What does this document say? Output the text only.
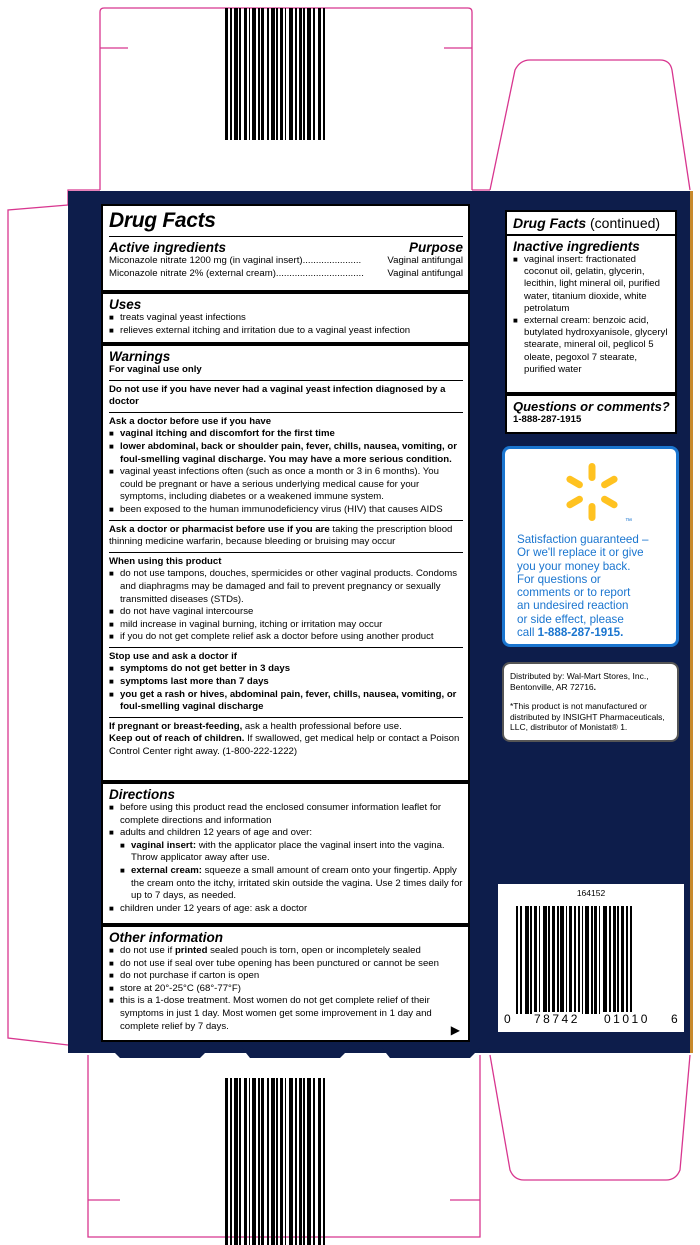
Drug Facts
Active ingredients	Purpose
Miconazole nitrate 1200 mg (in vaginal insert)......................	Vaginal antifungal
Miconazole nitrate 2% (external cream)................................. Vaginal antifungal
Uses
■ treats vaginal yeast infections
■ relieves external itching and irritation due to a vaginal yeast infection
Warnings
For vaginal use only
Do not use if you have never had a vaginal yeast infection diagnosed by a doctor
Ask a doctor before use if you have
■ vaginal itching and discomfort for the first time
■ lower abdominal, back or shoulder pain, fever, chills, nausea, vomiting, or foul-smelling vaginal discharge. You may have a more serious condition.
■ vaginal yeast infections often (such as once a month or 3 in 6 months). You could be pregnant or have a serious underlying medical cause for your symptoms, including diabetes or a weakened immune system.
■ been exposed to the human immunodeficiency virus (HIV) that causes AIDS
Ask a doctor or pharmacist before use if you are taking the prescription blood thinning medicine warfarin, because bleeding or bruising may occur
When using this product
■ do not use tampons, douches, spermicides or other vaginal products. Condoms and diaphragms may be damaged and fail to prevent pregnancy or sexually transmitted diseases (STDs).
■ do not have vaginal intercourse
■ mild increase in vaginal burning, itching or irritation may occur
■ if you do not get complete relief ask a doctor before using another product
Stop use and ask a doctor if
■ symptoms do not get better in 3 days
■ symptoms last more than 7 days
■ you get a rash or hives, abdominal pain, fever, chills, nausea, vomiting, or foul-smelling vaginal discharge
If pregnant or breast-feeding, ask a health professional before use.
Keep out of reach of children. If swallowed, get medical help or contact a Poison Control Center right away. (1-800-222-1222)
Directions
■ before using this product read the enclosed consumer information leaflet for complete directions and information
■ adults and children 12 years of age and over:
■ vaginal insert: with the applicator place the vaginal insert into the vagina. Throw applicator away after use.
■ external cream: squeeze a small amount of cream onto your fingertip. Apply the cream onto the itchy, irritated skin outside the vagina. Use 2 times daily for up to 7 days, as needed.
■ children under 12 years of age: ask a doctor
Other information
■ do not use if printed sealed pouch is torn, open or incompletely sealed
■ do not use if seal over tube opening has been punctured or cannot be seen
■ do not purchase if carton is open
■ store at 20°-25°C (68°-77°F)
■ this is a 1-dose treatment. Most women do not get complete relief of their symptoms in just 1 day. Most women get some improvement in 1 day and complete relief by 7 days.	▶
Drug Facts (continued)
Inactive ingredients
■ vaginal insert: fractionated coconut oil, gelatin, glycerin, lecithin, light mineral oil, purified water, titanium dioxide, white petrolatum
■ external cream: benzoic acid, butylated hydroxyanisole, glyceryl stearate, mineral oil, peglicol 5 oleate, pegoxol 7 stearate, purified water
Questions or comments?
1-888-287-1915
™
Satisfaction guaranteed –
Or we'll replace it or give
you your money back.
For questions or
comments or to report
an undesired reaction
or side effect, please
call 1-888-287-1915.
Distributed by: Wal-Mart Stores, Inc.,
Bentonville, AR 72716.
*This product is not manufactured or distributed by INSIGHT Pharmaceuticals, LLC, distributor of Monistat® 1.
164152
0 78742 01010 6
